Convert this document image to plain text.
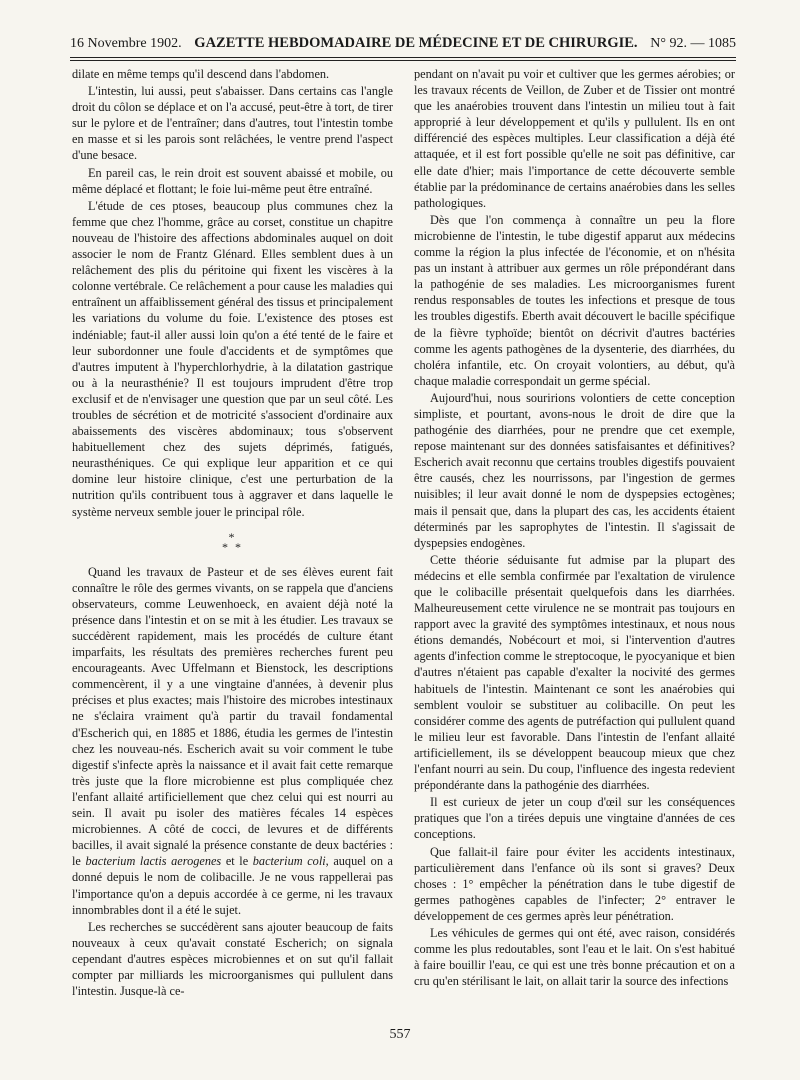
16 Novembre 1902. GAZETTE HEBDOMADAIRE DE MÉDECINE ET DE CHIRURGIE. N° 92. — 1085

dilate en même temps qu'il descend dans l'abdomen.

L'intestin, lui aussi, peut s'abaisser. Dans certains cas l'angle droit du côlon se déplace et on l'a accusé, peut-être à tort, de tirer sur le pylore et de l'entraîner; dans d'autres, tout l'intestin tombe en masse et si les parois sont relâchées, le ventre prend l'aspect d'une besace.

En pareil cas, le rein droit est souvent abaissé et mobile, ou même déplacé et flottant; le foie lui-même peut être entraîné.

L'étude de ces ptoses, beaucoup plus communes chez la femme que chez l'homme, grâce au corset, constitue un chapitre nouveau de l'histoire des affections abdominales auquel on doit associer le nom de Frantz Glénard. Elles semblent dues à un relâchement des plis du péritoine qui fixent les viscères à la colonne vertébrale. Ce relâchement a pour cause les maladies qui entraînent un affaiblissement général des tissus et principalement les variations du volume du foie. L'existence des ptoses est indéniable; faut-il aller aussi loin qu'on a été tenté de le faire et leur subordonner une foule d'accidents et de symptômes que d'autres imputent à l'hyperchlorhydrie, à la dilatation gastrique ou à la neurasthénie? Il est toujours imprudent d'être trop exclusif et de n'envisager une question que par un seul côté. Les troubles de sécrétion et de motricité s'associent d'ordinaire aux abaissements des viscères abdominaux; tous s'observent habituellement chez des sujets déprimés, fatigués, neurasthéniques. Ce qui explique leur apparition et ce qui domine leur histoire clinique, c'est une perturbation de la nutrition qu'ils contribuent tous à aggraver et dans laquelle le système nerveux semble jouer le principal rôle.

*
* *

Quand les travaux de Pasteur et de ses élèves eurent fait connaître le rôle des germes vivants, on se rappela que d'anciens observateurs, comme Leuwenhoeck, en avaient déjà noté la présence dans l'intestin et on se mit à les étudier. Les travaux se succédèrent rapidement, mais les procédés de culture étant imparfaits, les résultats des premières recherches furent peu encourageants. Avec Uffelmann et Bienstock, les descriptions commencèrent, il y a une vingtaine d'années, à devenir plus précises et plus exactes; mais l'histoire des microbes intestinaux ne s'éclaira vraiment qu'à partir du travail fondamental d'Escherich qui, en 1885 et 1886, étudia les germes de l'intestin chez les nouveau-nés. Escherich avait su voir comment le tube digestif s'infecte après la naissance et il avait fait cette remarque très juste que la flore microbienne est plus compliquée chez l'enfant allaité artificiellement que chez celui qui est nourri au sein. Il avait pu isoler des matières fécales 14 espèces microbiennes. A côté de cocci, de levures et de différents bacilles, il avait signalé la présence constante de deux bactéries : le bacterium lactis aerogenes et le bacterium coli, auquel on a donné depuis le nom de colibacille. Je ne vous rappellerai pas l'importance qu'on a depuis accordée à ce germe, ni les travaux innombrables dont il a été le sujet.

Les recherches se succédèrent sans ajouter beaucoup de faits nouveaux à ceux qu'avait constaté Escherich; on signala cependant d'autres espèces microbiennes et on sut qu'il fallait compter par milliards les microorganismes qui pullulent dans l'intestin. Jusque-là ce-

pendant on n'avait pu voir et cultiver que les germes aérobies; or les travaux récents de Veillon, de Zuber et de Tissier ont montré que les anaérobies trouvent dans l'intestin un milieu tout à fait approprié à leur développement et qu'ils y pullulent. Ils en ont différencié des espèces multiples. Leur classification a déjà été attaquée, et il est fort possible qu'elle ne soit pas définitive, car elle date d'hier; mais l'importance de cette découverte semble établie par la prédominance de certains anaérobies dans les selles pathologiques.

Dès que l'on commença à connaître un peu la flore microbienne de l'intestin, le tube digestif apparut aux médecins comme la région la plus infectée de l'économie, et on n'hésita pas un instant à attribuer aux germes un rôle prépondérant dans la pathogénie de ses maladies. Les microorganismes furent rendus responsables de toutes les infections et presque de tous les troubles digestifs. Eberth avait découvert le bacille spécifique de la fièvre typhoïde; bientôt on décrivit d'autres bactéries comme les agents pathogènes de la dysenterie, des diarrhées, du choléra infantile, etc. On croyait volontiers, au début, qu'à chaque maladie correspondait un germe spécial.

Aujourd'hui, nous souririons volontiers de cette conception simpliste, et pourtant, avons-nous le droit de dire que la pathogénie des diarrhées, pour ne prendre que cet exemple, repose maintenant sur des données satisfaisantes et définitives? Escherich avait reconnu que certains troubles digestifs pouvaient être causés, chez les nourrissons, par l'ingestion de germes nuisibles; il leur avait donné le nom de dyspepsies ectogènes; mais il pensait que, dans la plupart des cas, les accidents étaient déterminés par les saprophytes de l'intestin. Il s'agissait de dyspepsies endogènes.

Cette théorie séduisante fut admise par la plupart des médecins et elle sembla confirmée par l'exaltation de virulence que le colibacille présentait quelquefois dans les diarrhées. Malheureusement cette virulence ne se montrait pas toujours en rapport avec la gravité des symptômes intestinaux, et nous nous étions demandés, Nobécourt et moi, si l'intervention d'autres agents d'infection comme le streptocoque, le pyocyanique et bien d'autres n'étaient pas capable d'exalter la nocivité des germes habituels de l'intestin. Maintenant ce sont les anaérobies qui semblent vouloir se substituer au colibacille. On peut les considérer comme des agents de putréfaction qui pullulent quand le milieu leur est favorable. Dans l'intestin de l'enfant allaité artificiellement, ils se développent beaucoup mieux que chez l'enfant nourri au sein. Du coup, l'influence des ingesta redevient prépondérante dans la pathogénie des diarrhées.

Il est curieux de jeter un coup d'œil sur les conséquences pratiques que l'on a tirées depuis une vingtaine d'années de ces conceptions.

Que fallait-il faire pour éviter les accidents intestinaux, particulièrement dans l'enfance où ils sont si graves? Deux choses : 1° empêcher la pénétration dans le tube digestif de germes pathogènes capables de l'infecter; 2° entraver le développement de ces germes après leur pénétration.

Les véhicules de germes qui ont été, avec raison, considérés comme les plus redoutables, sont l'eau et le lait. On s'est habitué à faire bouillir l'eau, ce qui est une très bonne précaution et on a cru qu'en stérilisant le lait, on allait tarir la source des infections

557
